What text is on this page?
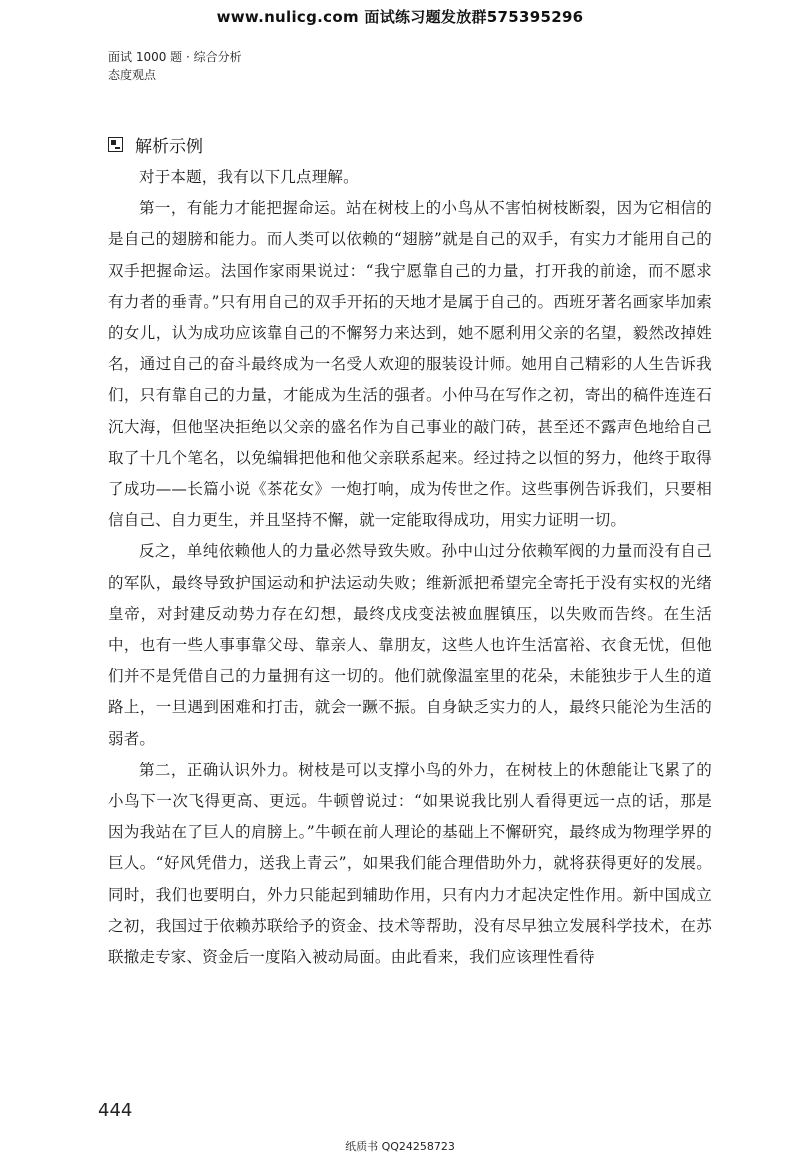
www.nulicg.com 面试练习题发放群575395296
面试 1000 题 · 综合分析
态度观点
解析示例

对于本题，我有以下几点理解。

第一，有能力才能把握命运。站在树枝上的小鸟从不害怕树枝断裂，因为它相信的是自己的翅膀和能力。而人类可以依赖的“翅膀”就是自己的双手，有实力才能用自己的双手把握命运。法国作家雨果说过：“我宁愿靠自己的力量，打开我的前途，而不愿求有力者的垂青。”只有用自己的双手开拓的天地才是属于自己的。西班牙著名画家毕加索的女儿，认为成功应该靠自己的不懈努力来达到，她不愿利用父亲的名望，毅然改掉姓名，通过自己的奋斗最终成为一名受人欢迎的服装设计师。她用自己精彩的人生告诉我们，只有靠自己的力量，才能成为生活的强者。小仲马在写作之初，寄出的稿件连连石沉大海，但他坚决拒绝以父亲的盛名作为自己事业的敲门砖，甚至还不露声色地给自己取了十几个笔名，以免编辑把他和他父亲联系起来。经过持之以恒的努力，他终于取得了成功——长篇小说《茶花女》一炮打响，成为传世之作。这些事例告诉我们，只要相信自己、自力更生，并且坚持不懈，就一定能取得成功，用实力证明一切。

反之，单纯依赖他人的力量必然导致失败。孙中山过分依赖军阀的力量而没有自己的军队，最终导致护国运动和护法运动失败；维新派把希望完全寄托于没有实权的光绪皇帝，对封建反动势力存在幻想，最终戊戌变法被血腥镇压，以失败而告终。在生活中，也有一些人事事靠父母、靠亲人、靠朋友，这些人也许生活富裕、衣食无忧，但他们并不是凭借自己的力量拥有这一切的。他们就像温室里的花朵，未能独步于人生的道路上，一旦遇到困难和打击，就会一蹶不振。自身缺乏实力的人，最终只能沦为生活的弱者。

第二，正确认识外力。树枝是可以支撑小鸟的外力，在树枝上的休憩能让飞累了的小鸟下一次飞得更高、更远。牛顿曾说过：“如果说我比别人看得更远一点的话，那是因为我站在了巨人的肩膀上。”牛顿在前人理论的基础上不懈研究，最终成为物理学界的巨人。“好风凭借力，送我上青云”，如果我们能合理借助外力，就将获得更好的发展。同时，我们也要明白，外力只能起到辅助作用，只有内力才起决定性作用。新中国成立之初，我国过于依赖苏联给予的资金、技术等帮助，没有尽早独立发展科学技术，在苏联撤走专家、资金后一度陷入被动局面。由此看来，我们应该理性看待

444
纸质书 QQ24258723
